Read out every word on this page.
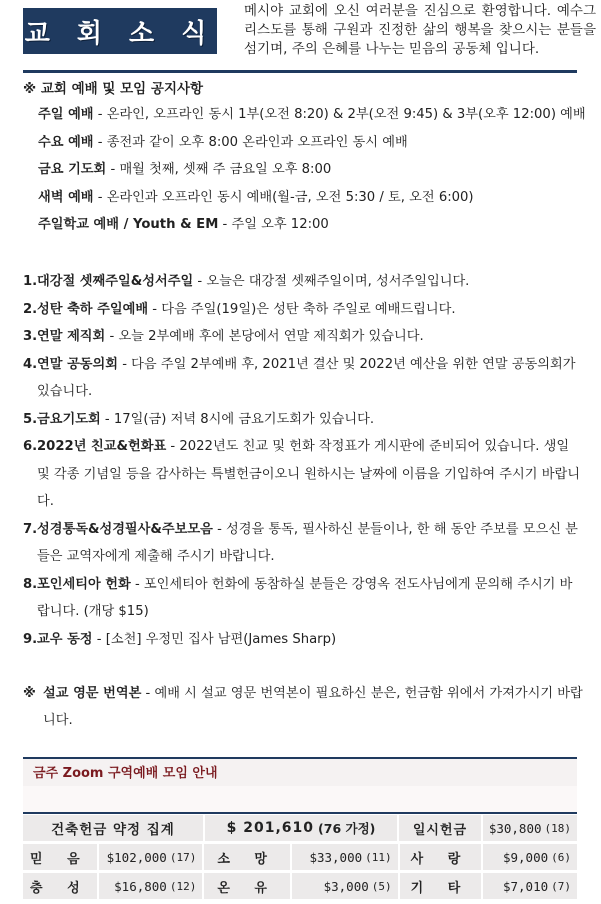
교 회 소 식
메시야 교회에 오신 여러분을 진심으로 환영합니다. 예수그리스도를 통해 구원과 진정한 삶의 행복을 찾으시는 분들을 섬기며, 주의 은혜를 나누는 믿음의 공동체 입니다.
※ 교회 예배 및 모임 공지사항
주일 예배 - 온라인, 오프라인 동시 1부(오전 8:20) & 2부(오전 9:45) & 3부(오후 12:00) 예배
수요 예배 - 종전과 같이 오후 8:00 온라인과 오프라인 동시 예배
금요 기도회 - 매월 첫째, 셋째 주 금요일 오후 8:00
새벽 예배 - 온라인과 오프라인 동시 예배(월-금, 오전 5:30 / 토, 오전 6:00)
주일학교 예배 / Youth & EM - 주일 오후 12:00
1. 대강절 셋째주일&성서주일 - 오늘은 대강절 셋째주일이며, 성서주일입니다.
2. 성탄 축하 주일예배 - 다음 주일(19일)은 성탄 축하 주일로 예배드립니다.
3. 연말 제직회 - 오늘 2부예배 후에 본당에서 연말 제직회가 있습니다.
4. 연말 공동의회 - 다음 주일 2부예배 후, 2021년 결산 및 2022년 예산을 위한 연말 공동의회가 있습니다.
5. 금요기도회 - 17일(금) 저녁 8시에 금요기도회가 있습니다.
6. 2022년 친교&헌화표 - 2022년도 친교 및 헌화 작정표가 게시판에 준비되어 있습니다. 생일 및 각종 기념일 등을 감사하는 특별헌금이오니 원하시는 날짜에 이름을 기입하여 주시기 바랍니다.
7. 성경통독&성경필사&주보모음 - 성경을 통독, 필사하신 분들이나, 한 해 동안 주보를 모으신 분들은 교역자에게 제출해 주시기 바랍니다.
8. 포인세티아 헌화 - 포인세티아 헌화에 동참하실 분들은 강영옥 전도사님에게 문의해 주시기 바랍니다. (개당 $15)
9. 교우 동정 - [소천] 우정민 집사 남편(James Sharp)
※ 설교 영문 번역본 - 예배 시 설교 영문 번역본이 필요하신 분은, 헌금함 위에서 가져가시기 바랍니다.
금주 Zoom 구역예배 모임 안내
건축헌금 약정 집계	$ 201,610 (76 가정)	일시헌금	$30,800 (18)
믿 음	$102,000 (17)	소 망	$33,000 (11)	사 랑	$9,000 (6)
충 성	$16,800 (12)	온 유	$3,000 (5)	기 타	$7,010 (7)
